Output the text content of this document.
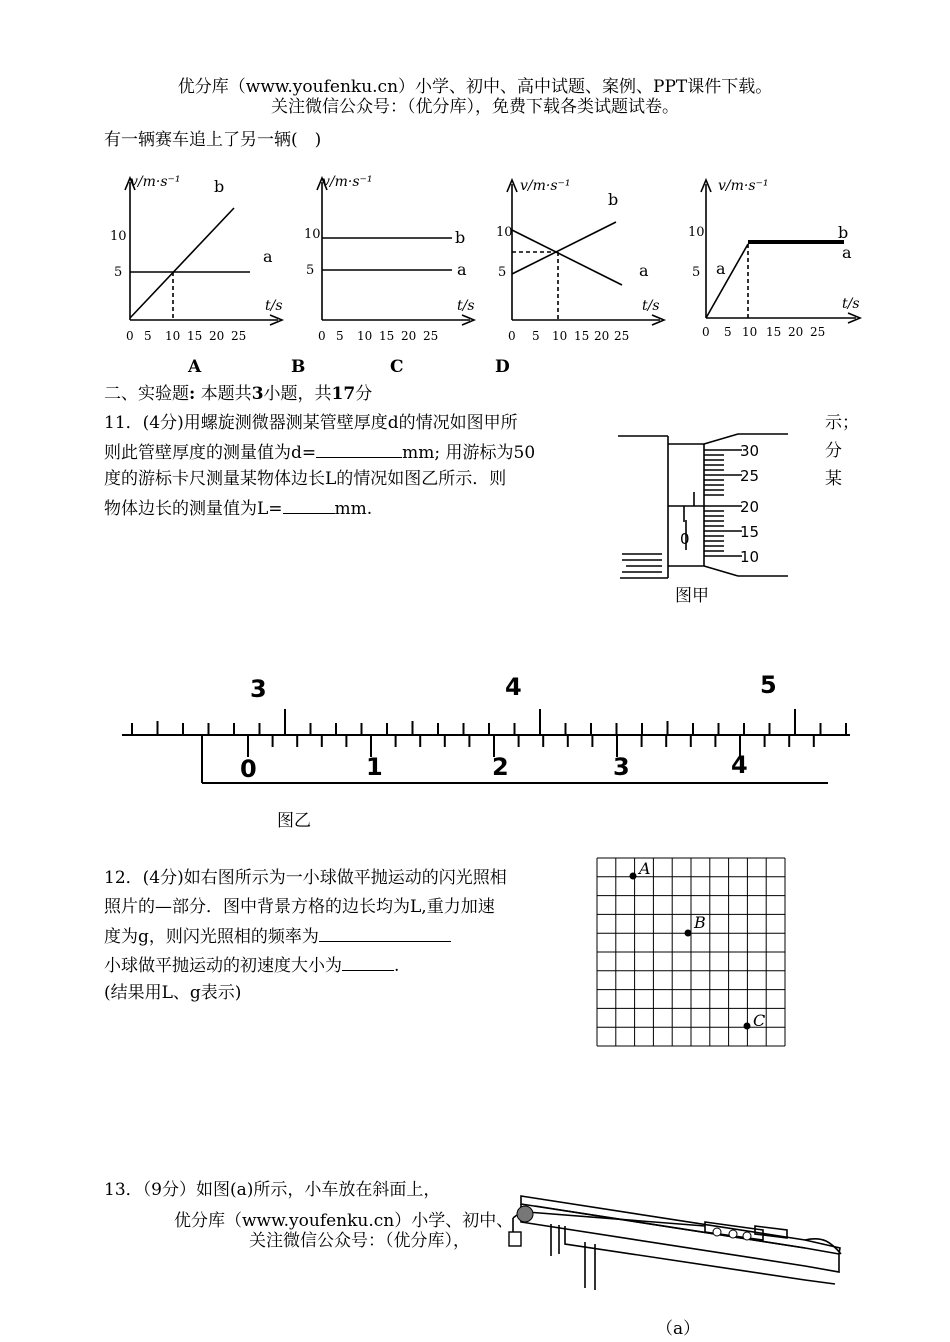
优分库（www.youfenku.cn）小学、初中、高中试题、案例、PPT课件下载。
关注微信公众号：（优分库），免费下载各类试题试卷。
有一辆赛车追上了另一辆(　)
v/m·s⁻¹
t/s
10
5
0 5 10 15 20 25
b
a
v/m·s⁻¹
t/s
10
5
0 5 10 15 20 25
b
a
v/m·s⁻¹
t/s
10
5
0 5 10 15 20 25
b
a
v/m·s⁻¹
t/s
10
5
0 5 10 15 20 25
b
a
a
A	B	C	D
二、实验题: 本题共3小题，共17分
11．(4分)用螺旋测微器测某管壁厚度d的情况如图甲所
则此管壁厚度的测量值为d=	mm; 用游标为50
度的游标卡尺测量某物体边长L的情况如图乙所示．则
物体边长的测量值为L=	mm.
示；
分
某
30
25
20
15
10
0
图甲
3	4	5
0	1	2	3	4
图乙
12．(4分)如右图所示为一小球做平抛运动的闪光照相
照片的—部分．图中背景方格的边长均为L,重力加速
度为g，则闪光照相的频率为
小球做平抛运动的初速度大小为	.
(结果用L、g表示)
A
B
C
13．（9分）如图(a)所示，小车放在斜面上，
优分库（www.youfenku.cn）小学、初中、
关注微信公众号：（优分库），
（a）
